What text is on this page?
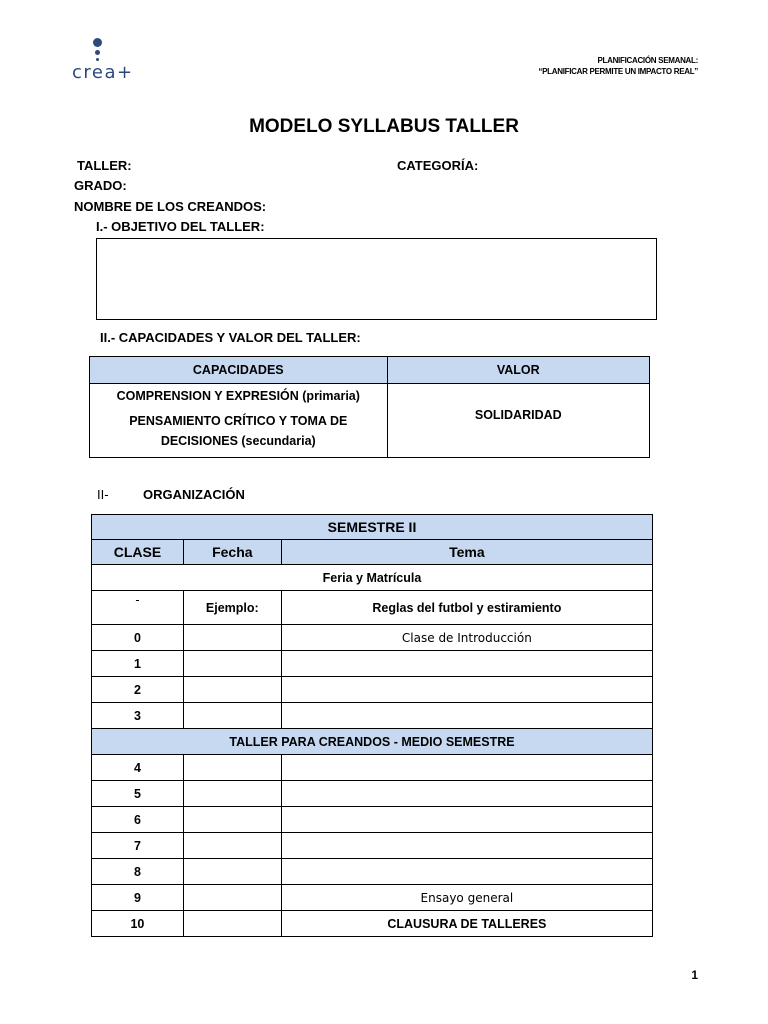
crea+
PLANIFICACIÓN SEMANAL:
“PLANIFICAR PERMITE UN IMPACTO REAL”
MODELO SYLLABUS TALLER
TALLER:	CATEGORÍA:
GRADO:
NOMBRE DE LOS CREANDOS:
I.- OBJETIVO DEL TALLER:
II.- CAPACIDADES Y VALOR DEL TALLER:
CAPACIDADES	VALOR

COMPRENSION Y EXPRESIÓN (primaria)
PENSAMIENTO CRÍTICO Y TOMA DE DECISIONES (secundaria)	SOLIDARIDAD
II-	ORGANIZACIÓN
SEMESTRE II		
CLASE	Fecha	Tema
Feria y Matrícula		
-	Ejemplo:	Reglas del futbol y estiramiento
0		Clase de Introducción
1		
2		
3		
TALLER PARA CREANDOS - MEDIO SEMESTRE		
4		
5		
6		
7		
8		
9		Ensayo general
10		CLAUSURA DE TALLERES
1
